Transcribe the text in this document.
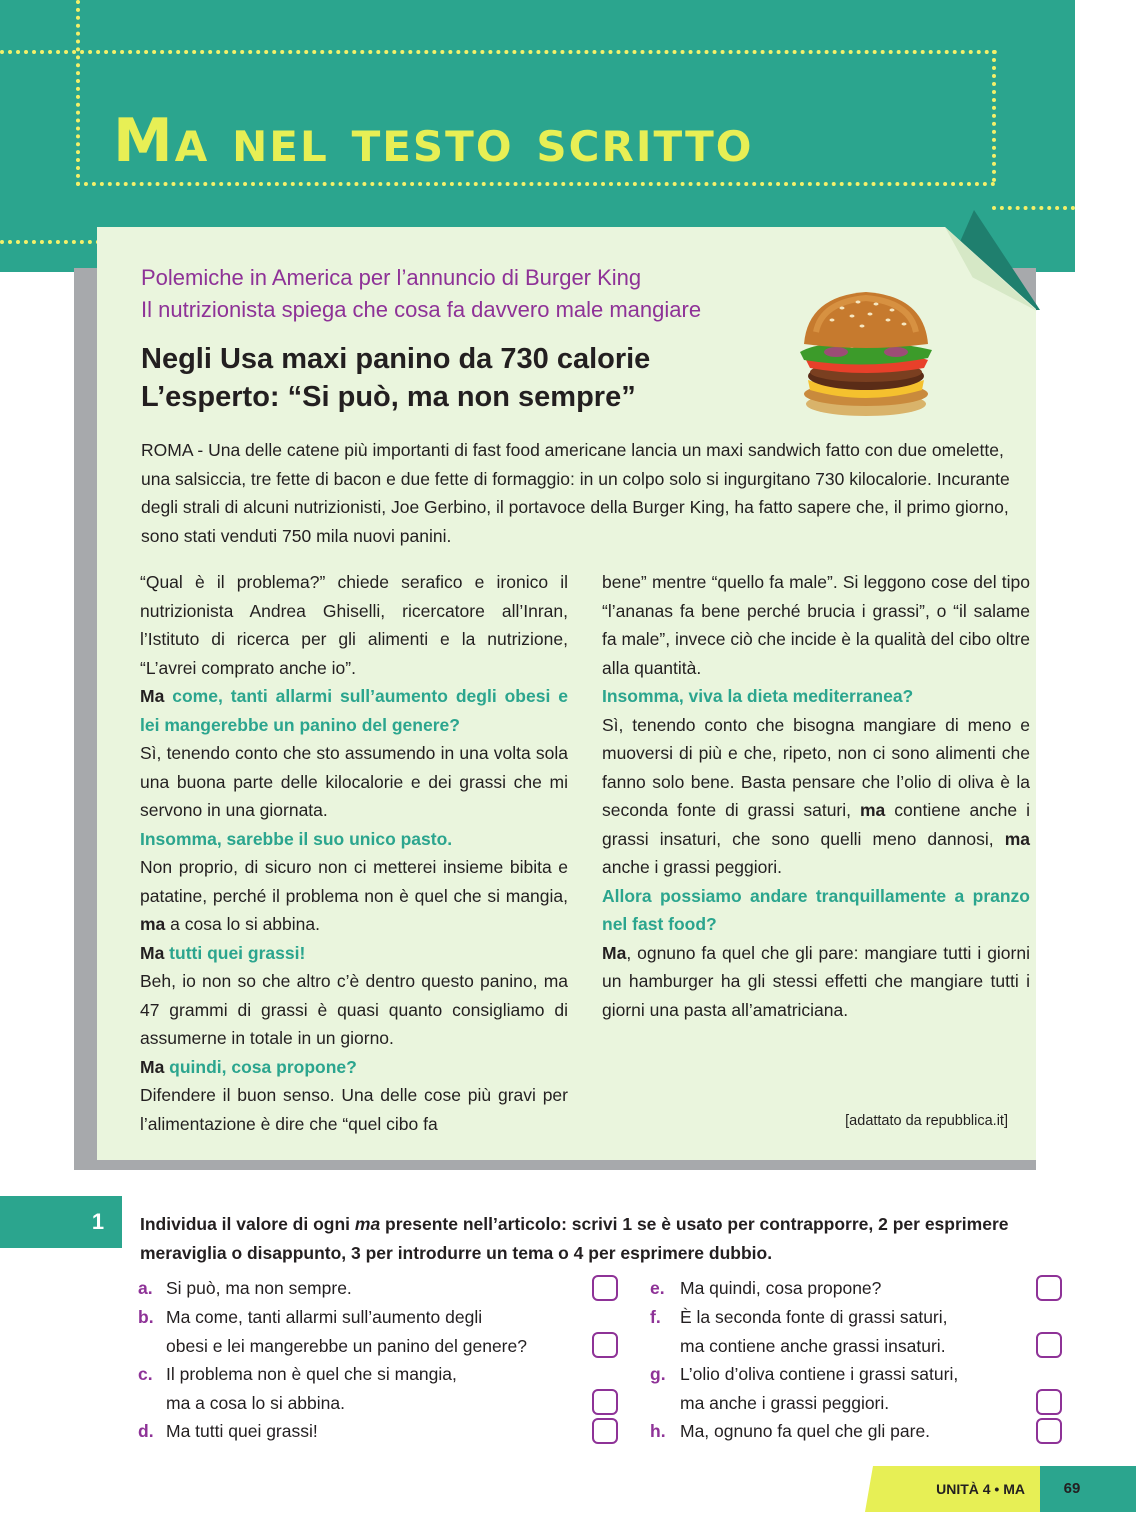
Ma nel testo scritto
Polemiche in America per l’annuncio di Burger King
Il nutrizionista spiega che cosa fa davvero male mangiare
Negli Usa maxi panino da 730 calorie
L’esperto: “Si può, ma non sempre”
ROMA - Una delle catene più importanti di fast food americane lancia un maxi sandwich fatto con due omelette, una salsiccia, tre fette di bacon e due fette di formaggio: in un colpo solo si ingurgitano 730 kilocalorie. Incurante degli strali di alcuni nutrizionisti, Joe Gerbino, il portavoce della Burger King, ha fatto sapere che, il primo giorno, sono stati venduti 750 mila nuovi panini.

“Qual è il problema?” chiede serafico e ironico il nutrizionista Andrea Ghiselli, ricercatore all’Inran, l’Istituto di ricerca per gli alimenti e la nutrizione, “L’avrei comprato anche io”.

Ma come, tanti allarmi sull’aumento degli obesi e lei mangerebbe un panino del genere?

Sì, tenendo conto che sto assumendo in una volta sola una buona parte delle kilocalorie e dei grassi che mi servono in una giornata.

Insomma, sarebbe il suo unico pasto.

Non proprio, di sicuro non ci metterei insieme bibita e patatine, perché il problema non è quel che si mangia, ma a cosa lo si abbina.

Ma tutti quei grassi!

Beh, io non so che altro c’è dentro questo panino, ma 47 grammi di grassi è quasi quanto consigliamo di assumerne in totale in un giorno.

Ma quindi, cosa propone?

Difendere il buon senso. Una delle cose più gravi per l’alimentazione è dire che “quel cibo fa

bene” mentre “quello fa male”. Si leggono cose del tipo “l’ananas fa bene perché brucia i grassi”, o “il salame fa male”, invece ciò che incide è la qualità del cibo oltre alla quantità.

Insomma, viva la dieta mediterranea?

Sì, tenendo conto che bisogna mangiare di meno e muoversi di più e che, ripeto, non ci sono alimenti che fanno solo bene. Basta pensare che l’olio di oliva è la seconda fonte di grassi saturi, ma contiene anche i grassi insaturi, che sono quelli meno dannosi, ma anche i grassi peggiori.

Allora possiamo andare tranquillamente a pranzo nel fast food?

Ma, ognuno fa quel che gli pare: mangiare tutti i giorni un hamburger ha gli stessi effetti che mangiare tutti i giorni una pasta all’amatriciana.

[adattato da repubblica.it]
1	Individua il valore di ogni ma presente nell’articolo: scrivi 1 se è usato per contrapporre, 2 per esprimere meraviglia o disappunto, 3 per introdurre un tema o 4 per esprimere dubbio.
a. Si può, ma non sempre.
b. Ma come, tanti allarmi sull’aumento degli
obesi e lei mangerebbe un panino del genere?
c. Il problema non è quel che si mangia,
ma a cosa lo si abbina.
d. Ma tutti quei grassi!
e. Ma quindi, cosa propone?
f. È la seconda fonte di grassi saturi,
ma contiene anche grassi insaturi.
g. L’olio d’oliva contiene i grassi saturi,
ma anche i grassi peggiori.
h. Ma, ognuno fa quel che gli pare.
UNITÀ 4 • MA	69
